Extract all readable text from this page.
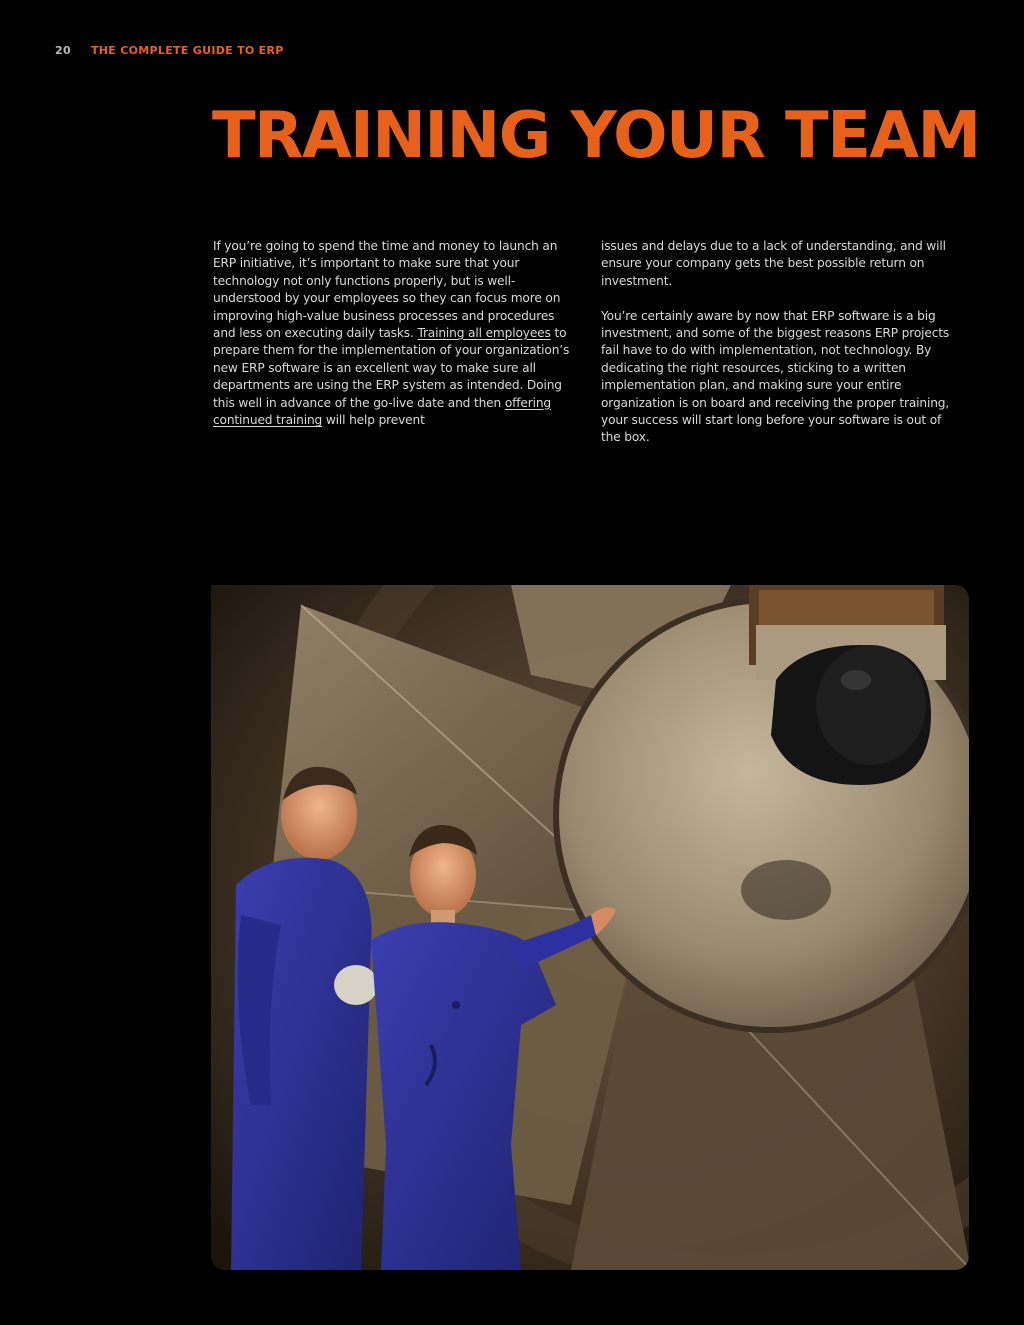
20	THE COMPLETE GUIDE TO ERP
TRAINING YOUR TEAM

If you’re going to spend the time and money to launch an ERP initiative, it’s important to make sure that your technology not only functions properly, but is well-understood by your employees so they can focus more on improving high-value business processes and procedures and less on executing daily tasks. Training all employees to prepare them for the implementation of your organization’s new ERP software is an excellent way to make sure all departments are using the ERP system as intended. Doing this well in advance of the go-live date and then offering continued training will help prevent

issues and delays due to a lack of understanding, and will ensure your company gets the best possible return on investment.

You’re certainly aware by now that ERP software is a big investment, and some of the biggest reasons ERP projects fail have to do with implementation, not technology. By dedicating the right resources, sticking to a written implementation plan, and making sure your entire organization is on board and receiving the proper training, your success will start long before your software is out of the box.
